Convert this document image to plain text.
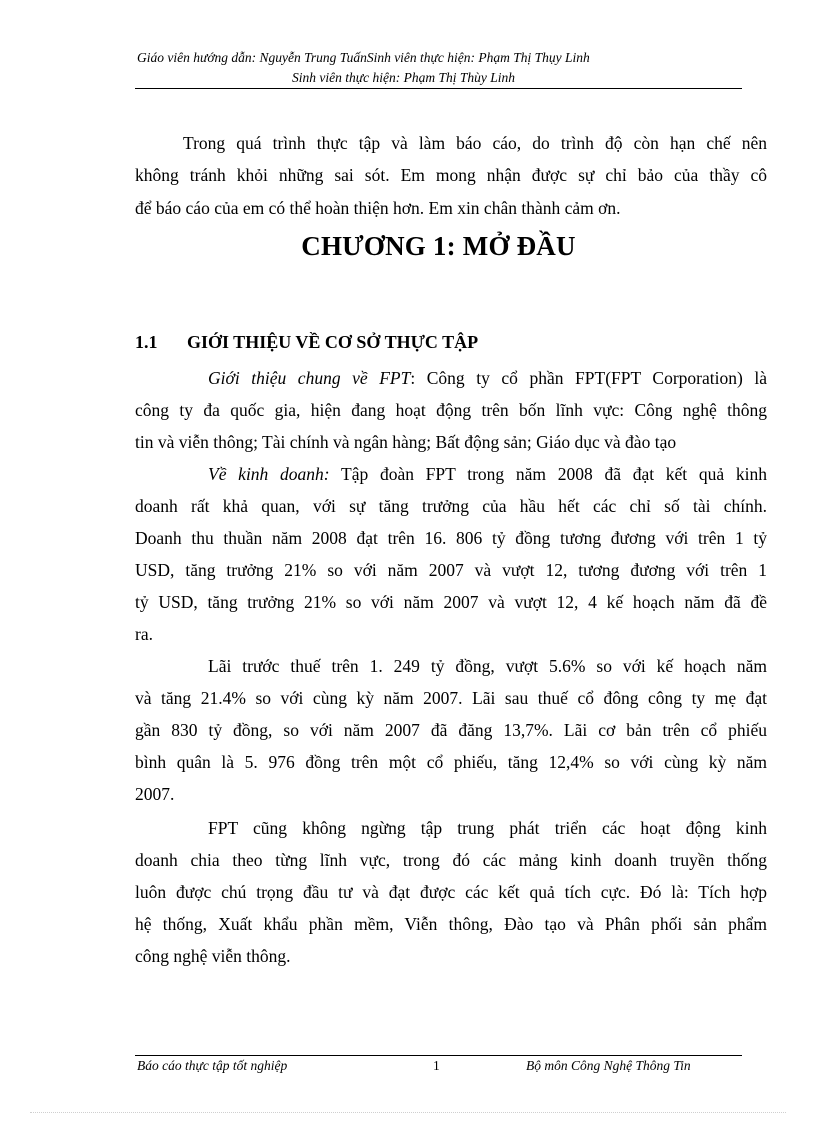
Giáo viên hướng dẫn: Nguyễn Trung TuấnSinh viên thực hiện: Phạm Thị Thụy Linh
Sinh viên thực hiện: Phạm Thị Thùy Linh
Trong quá trình thực tập và làm báo cáo, do trình độ còn hạn chế nên
không tránh khỏi những sai sót. Em mong nhận được sự chỉ bảo của thầy cô
để báo cáo của em có thể hoàn thiện hơn. Em xin chân thành cảm ơn.
CHƯƠNG 1: MỞ ĐẦU
1.1 GIỚI THIỆU VỀ CƠ SỞ THỰC TẬP
Giới thiệu chung về FPT: Công ty cổ phần FPT(FPT Corporation) là
công ty đa quốc gia, hiện đang hoạt động trên bốn lĩnh vực: Công nghệ thông
tin và viễn thông; Tài chính và ngân hàng; Bất động sản; Giáo dục và đào tạo
Về kinh doanh: Tập đoàn FPT trong năm 2008 đã đạt kết quả kinh
doanh rất khả quan, với sự tăng trưởng của hầu hết các chỉ số tài chính.
Doanh thu thuần năm 2008 đạt trên 16. 806 tỷ đồng tương đương với trên 1 tỷ
USD, tăng trưởng 21% so với năm 2007 và vượt 12, tương đương với trên 1
tỷ USD, tăng trưởng 21% so với năm 2007 và vượt 12, 4 kế hoạch năm đã đề
ra.
Lãi trước thuế trên 1. 249 tỷ đồng, vượt 5.6% so với kế hoạch năm
và tăng 21.4% so với cùng kỳ năm 2007. Lãi sau thuế cổ đông công ty mẹ đạt
gần 830 tỷ đồng, so với năm 2007 đã đăng 13,7%. Lãi cơ bản trên cổ phiếu
bình quân là 5. 976 đồng trên một cổ phiếu, tăng 12,4% so với cùng kỳ năm
2007.
FPT cũng không ngừng tập trung phát triển các hoạt động kinh
doanh chia theo từng lĩnh vực, trong đó các mảng kinh doanh truyền thống
luôn được chú trọng đầu tư và đạt được các kết quả tích cực. Đó là: Tích hợp
hệ thống, Xuất khẩu phần mềm, Viễn thông, Đào tạo và Phân phối sản phẩm
công nghệ viễn thông.
Báo cáo thực tập tốt nghiệp	1	Bộ môn Công Nghệ Thông Tin
